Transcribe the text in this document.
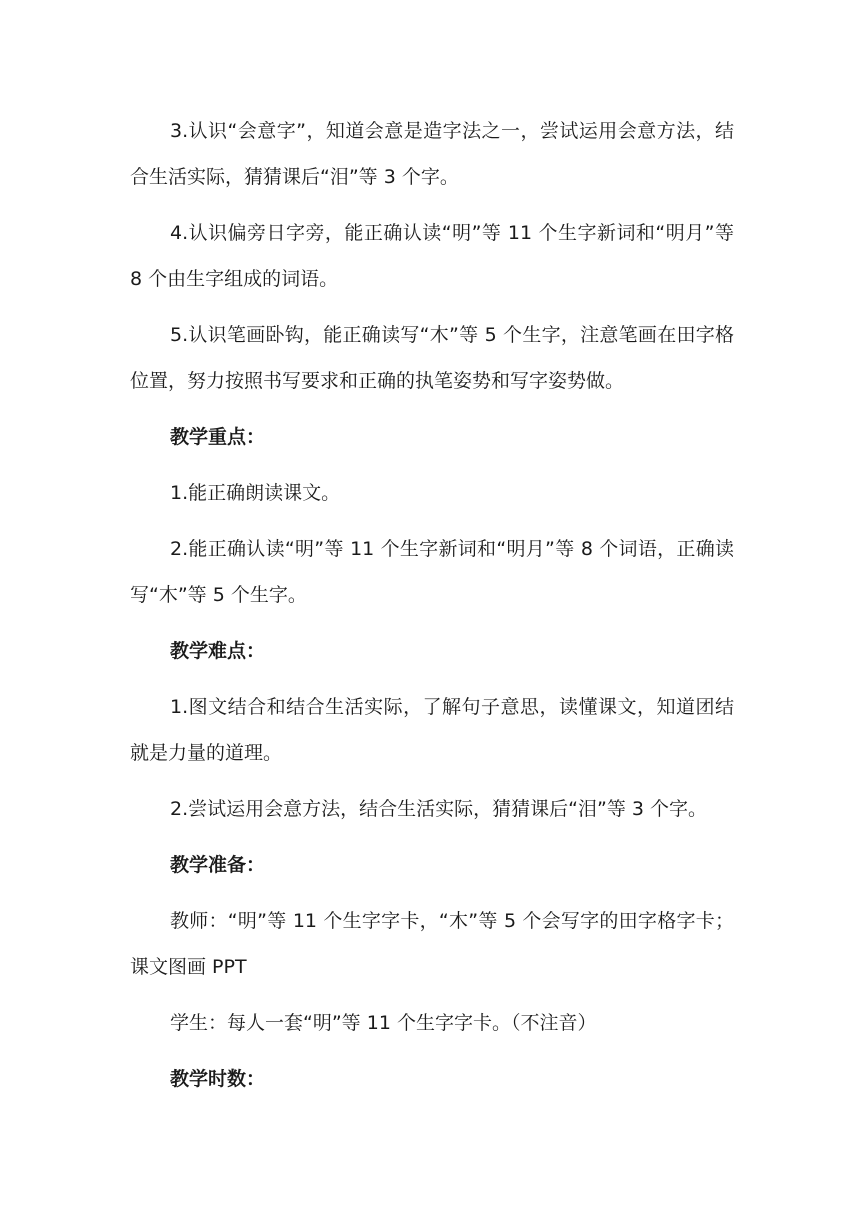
3.认识“会意字”，知道会意是造字法之一，尝试运用会意方法，结合生活实际，猜猜课后“泪”等 3 个字。

4.认识偏旁日字旁，能正确认读“明”等 11 个生字新词和“明月”等 8 个由生字组成的词语。

5.认识笔画卧钩，能正确读写“木”等 5 个生字，注意笔画在田字格位置，努力按照书写要求和正确的执笔姿势和写字姿势做。

教学重点：

1.能正确朗读课文。

2.能正确认读“明”等 11 个生字新词和“明月”等 8 个词语，正确读写“木”等 5 个生字。

教学难点：

1.图文结合和结合生活实际，了解句子意思，读懂课文，知道团结就是力量的道理。

2.尝试运用会意方法，结合生活实际，猜猜课后“泪”等 3 个字。

教学准备：

教师：“明”等 11 个生字字卡，“木”等 5 个会写字的田字格字卡；课文图画 PPT

学生：每人一套“明”等 11 个生字字卡。（不注音）

教学时数：
